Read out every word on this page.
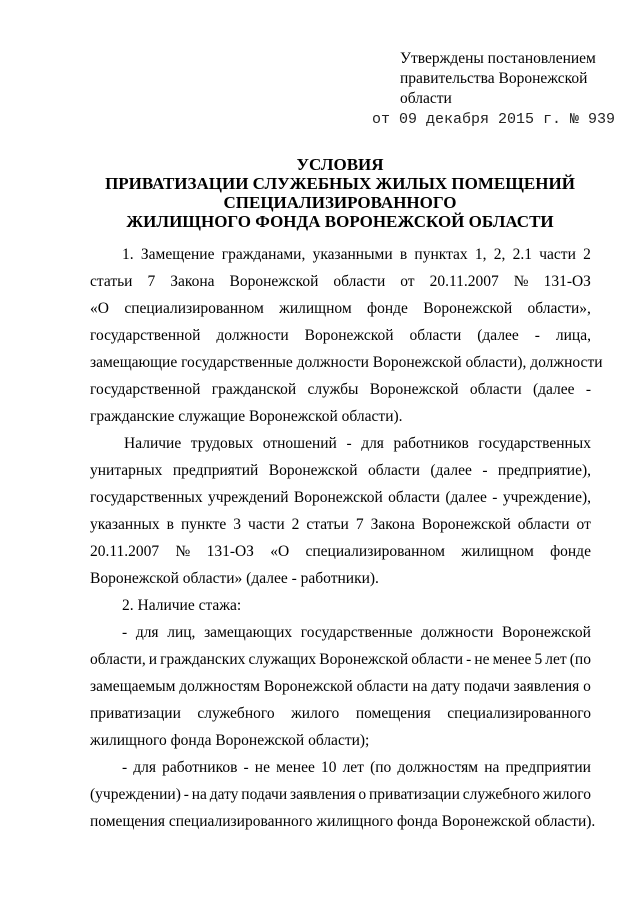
Утверждены постановлением
правительства Воронежской
области
от 09 декабря 2015 г. № 939
УСЛОВИЯ
ПРИВАТИЗАЦИИ СЛУЖЕБНЫХ ЖИЛЫХ ПОМЕЩЕНИЙ
СПЕЦИАЛИЗИРОВАННОГО
ЖИЛИЩНОГО ФОНДА ВОРОНЕЖСКОЙ ОБЛАСТИ
1. Замещение гражданами, указанными в пунктах 1, 2, 2.1 части 2
статьи 7 Закона Воронежской области от 20.11.2007 № 131-ОЗ
«О специализированном жилищном фонде Воронежской области»,
государственной должности Воронежской области (далее - лица,
замещающие государственные должности Воронежской области), должности
государственной гражданской службы Воронежской области (далее -
гражданские служащие Воронежской области).
Наличие трудовых отношений - для работников государственных
унитарных предприятий Воронежской области (далее - предприятие),
государственных учреждений Воронежской области (далее - учреждение),
указанных в пункте 3 части 2 статьи 7 Закона Воронежской области от
20.11.2007 № 131-ОЗ «О специализированном жилищном фонде
Воронежской области» (далее - работники).
2. Наличие стажа:
- для лиц, замещающих государственные должности Воронежской
области, и гражданских служащих Воронежской области - не менее 5 лет (по
замещаемым должностям Воронежской области на дату подачи заявления о
приватизации служебного жилого помещения специализированного
жилищного фонда Воронежской области);
- для работников - не менее 10 лет (по должностям на предприятии
(учреждении) - на дату подачи заявления о приватизации служебного жилого
помещения специализированного жилищного фонда Воронежской области).
